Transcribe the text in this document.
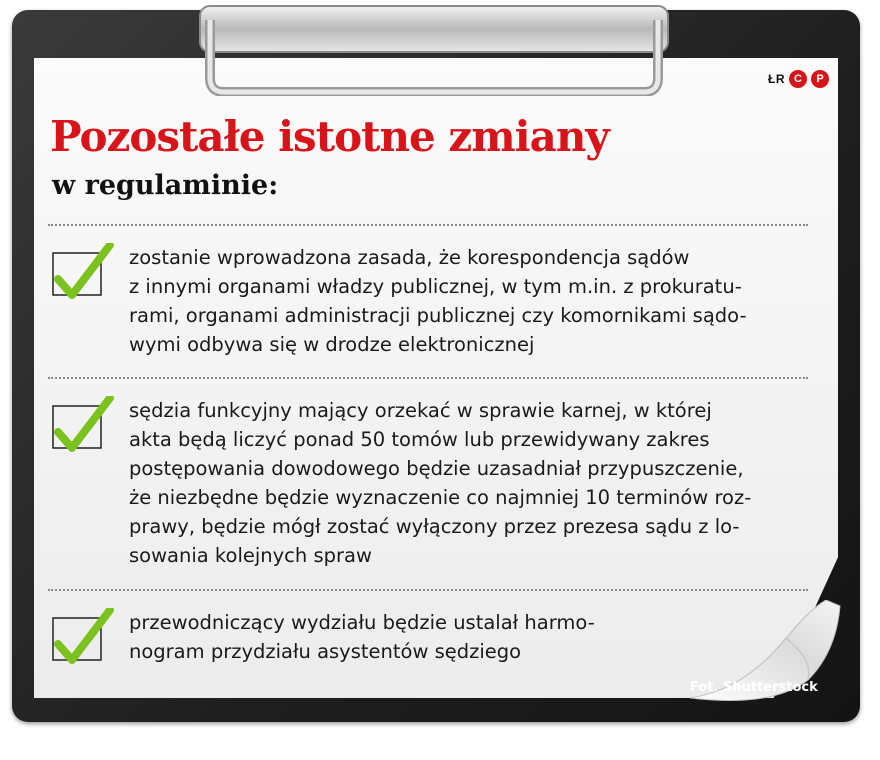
ŁR C	P
Pozostałe istotne zmiany
w regulaminie:
zostanie wprowadzona zasada, że korespondencja sądów
z innymi organami władzy publicznej, w tym m.in. z prokuratu-
rami, organami administracji publicznej czy komornikami sądo-
wymi odbywa się w drodze elektronicznej
sędzia funkcyjny mający orzekać w sprawie karnej, w której
akta będą liczyć ponad 50 tomów lub przewidywany zakres
postępowania dowodowego będzie uzasadniał przypuszczenie,
że niezbędne będzie wyznaczenie co najmniej 10 terminów roz-
prawy, będzie mógł zostać wyłączony przez prezesa sądu z lo-
sowania kolejnych spraw
przewodniczący wydziału będzie ustalał harmo-
nogram przydziału asystentów sędziego
Fot. Shutterstock
